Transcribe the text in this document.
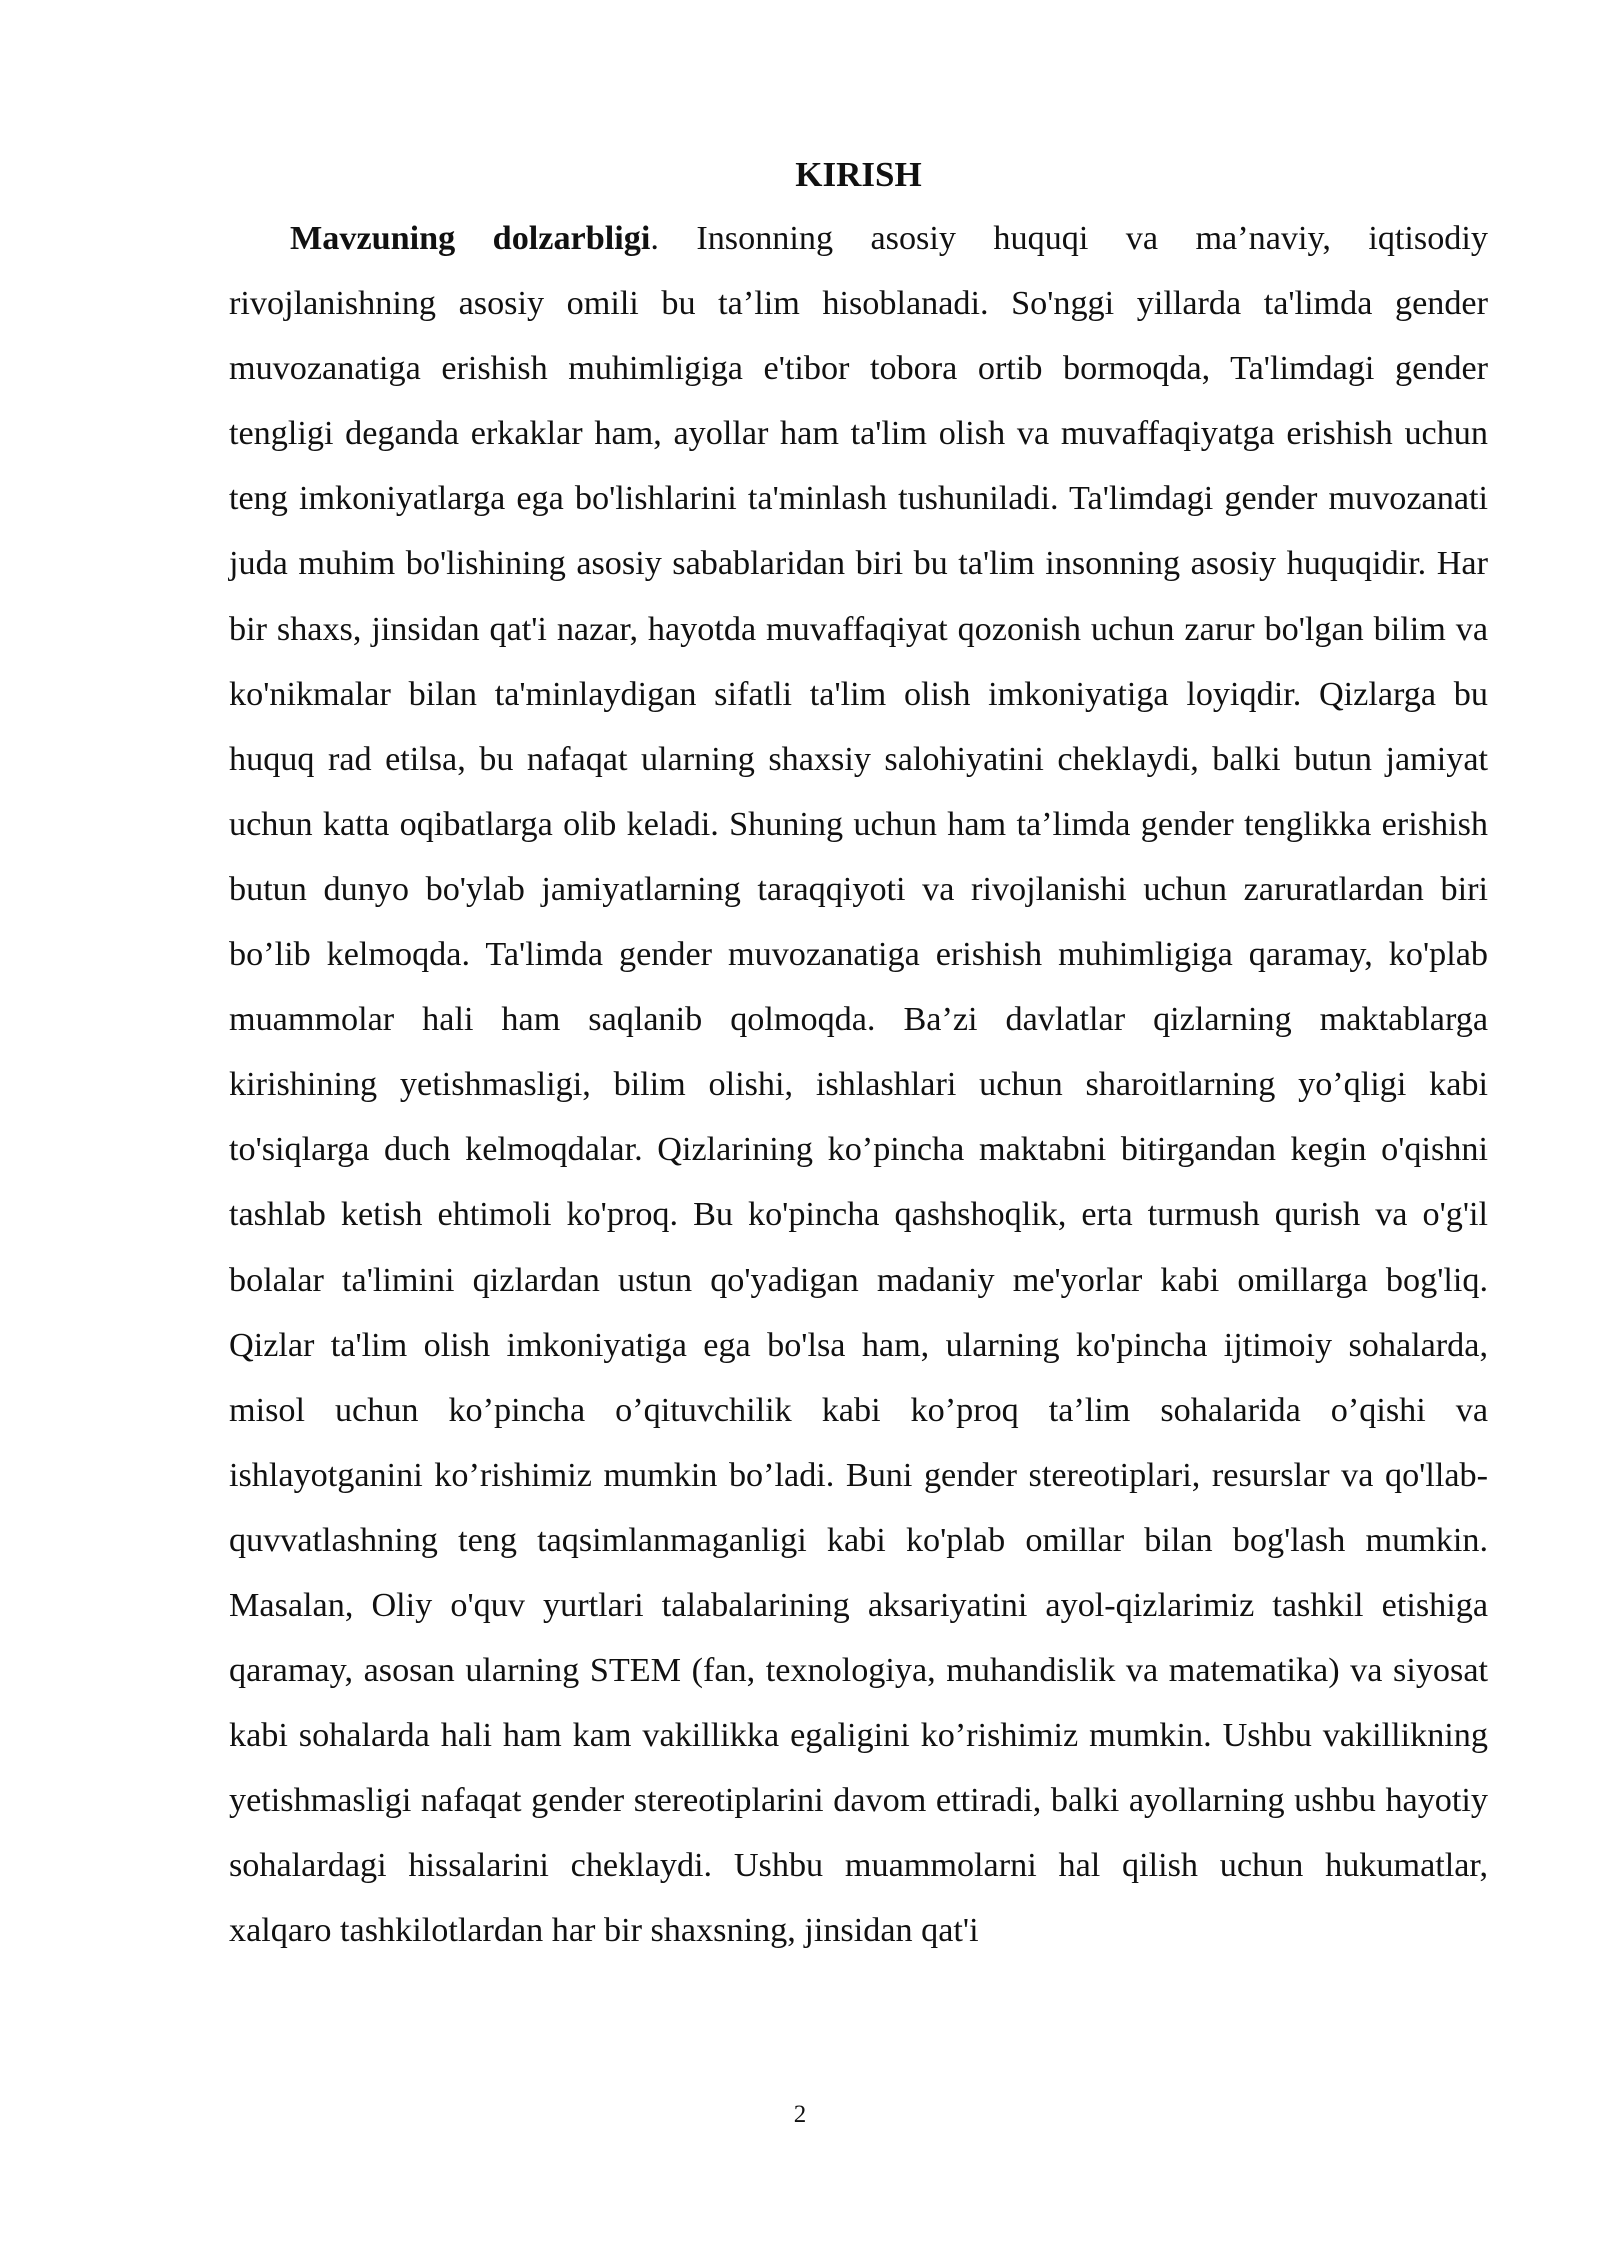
KIRISH

Mavzuning dolzarbligi. Insonning asosiy huquqi va ma’naviy, iqtisodiy rivojlanishning asosiy omili bu ta’lim hisoblanadi. So'nggi yillarda ta'limda gender muvozanatiga erishish muhimligiga e'tibor tobora ortib bormoqda, Ta'limdagi gender tengligi deganda erkaklar ham, ayollar ham ta'lim olish va muvaffaqiyatga erishish uchun teng imkoniyatlarga ega bo'lishlarini ta'minlash tushuniladi. Ta'limdagi gender muvozanati juda muhim bo'lishining asosiy sabablaridan biri bu ta'lim insonning asosiy huquqidir. Har bir shaxs, jinsidan qat'i nazar, hayotda muvaffaqiyat qozonish uchun zarur bo'lgan bilim va ko'nikmalar bilan ta'minlaydigan sifatli ta'lim olish imkoniyatiga loyiqdir. Qizlarga bu huquq rad etilsa, bu nafaqat ularning shaxsiy salohiyatini cheklaydi, balki butun jamiyat uchun katta oqibatlarga olib keladi. Shuning uchun ham ta’limda gender tenglikka erishish butun dunyo bo'ylab jamiyatlarning taraqqiyoti va rivojlanishi uchun zaruratlardan biri bo’lib kelmoqda. Ta'limda gender muvozanatiga erishish muhimligiga qaramay, ko'plab muammolar hali ham saqlanib qolmoqda. Ba’zi davlatlar qizlarning maktablarga kirishining yetishmasligi, bilim olishi, ishlashlari uchun sharoitlarning yo’qligi kabi to'siqlarga duch kelmoqdalar. Qizlarining ko’pincha maktabni bitirgandan kegin o'qishni tashlab ketish ehtimoli ko'proq. Bu ko'pincha qashshoqlik, erta turmush qurish va o'g'il bolalar ta'limini qizlardan ustun qo'yadigan madaniy me'yorlar kabi omillarga bog'liq. Qizlar ta'lim olish imkoniyatiga ega bo'lsa ham, ularning ko'pincha ijtimoiy sohalarda, misol uchun ko’pincha o’qituvchilik kabi ko’proq ta’lim sohalarida o’qishi va ishlayotganini ko’rishimiz mumkin bo’ladi. Buni gender stereotiplari, resurslar va qo'llab-quvvatlashning teng taqsimlanmaganligi kabi ko'plab omillar bilan bog'lash mumkin. Masalan, Oliy o'quv yurtlari talabalarining aksariyatini ayol-qizlarimiz tashkil etishiga qaramay, asosan ularning STEM (fan, texnologiya, muhandislik va matematika) va siyosat kabi sohalarda hali ham kam vakillikka egaligini ko’rishimiz mumkin. Ushbu vakillikning yetishmasligi nafaqat gender stereotiplarini davom ettiradi, balki ayollarning ushbu hayotiy sohalardagi hissalarini cheklaydi. Ushbu muammolarni hal qilish uchun hukumatlar, xalqaro tashkilotlardan har bir shaxsning, jinsidan qat'i

2
